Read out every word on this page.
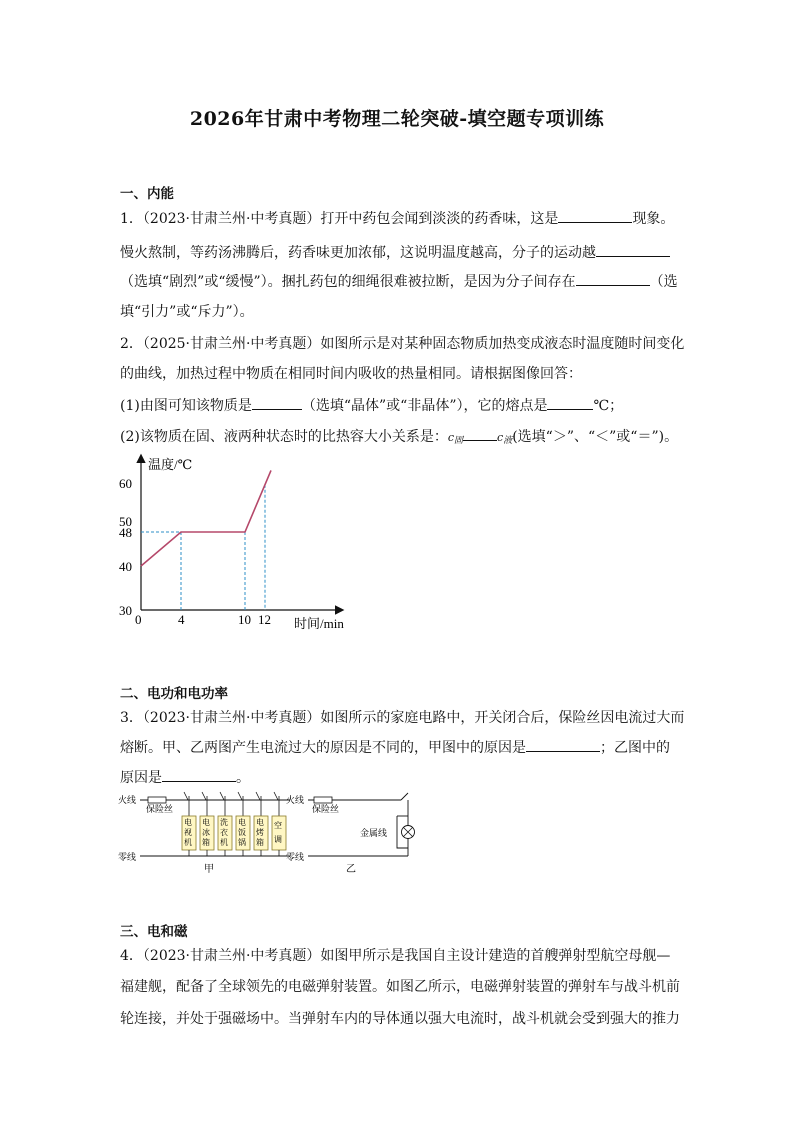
2026年甘肃中考物理二轮突破-填空题专项训练
一、内能
1．（2023·甘肃兰州·中考真题）打开中药包会闻到淡淡的药香味，这是	现象。
慢火熬制，等药汤沸腾后，药香味更加浓郁，这说明温度越高，分子的运动越
（选填“剧烈”或“缓慢”）。捆扎药包的细绳很难被拉断，是因为分子间存在	（选
填“引力”或“斥力”）。
2．（2025·甘肃兰州·中考真题）如图所示是对某种固态物质加热变成液态时温度随时间变化
的曲线，加热过程中物质在相同时间内吸收的热量相同。请根据图像回答：
(1)由图可知该物质是	（选填“晶体”或“非晶体”），它的熔点是	℃；
(2)该物质在固、液两种状态时的比热容大小关系是：$c_固$	$c_液$(选填“＞”、“＜”或“＝”)。
温度/℃
时间/min
30
40
48
50
60
0	4	10 12
二、电功和电功率
3．（2023·甘肃兰州·中考真题）如图所示的家庭电路中，开关闭合后，保险丝因电流过大而
熔断。甲、乙两图产生电流过大的原因是不同的，甲图中的原因是	；乙图中的
原因是	。
火线
零线
保险丝
电
视
机
电
冰
箱
洗
衣
机
电
饭
锅
电
烤
箱
空
调
甲
火线
零线
保险丝
金属线
乙
三、电和磁
4．（2023·甘肃兰州·中考真题）如图甲所示是我国自主设计建造的首艘弹射型航空母舰—
福建舰，配备了全球领先的电磁弹射装置。如图乙所示，电磁弹射装置的弹射车与战斗机前
轮连接，并处于强磁场中。当弹射车内的导体通以强大电流时，战斗机就会受到强大的推力
